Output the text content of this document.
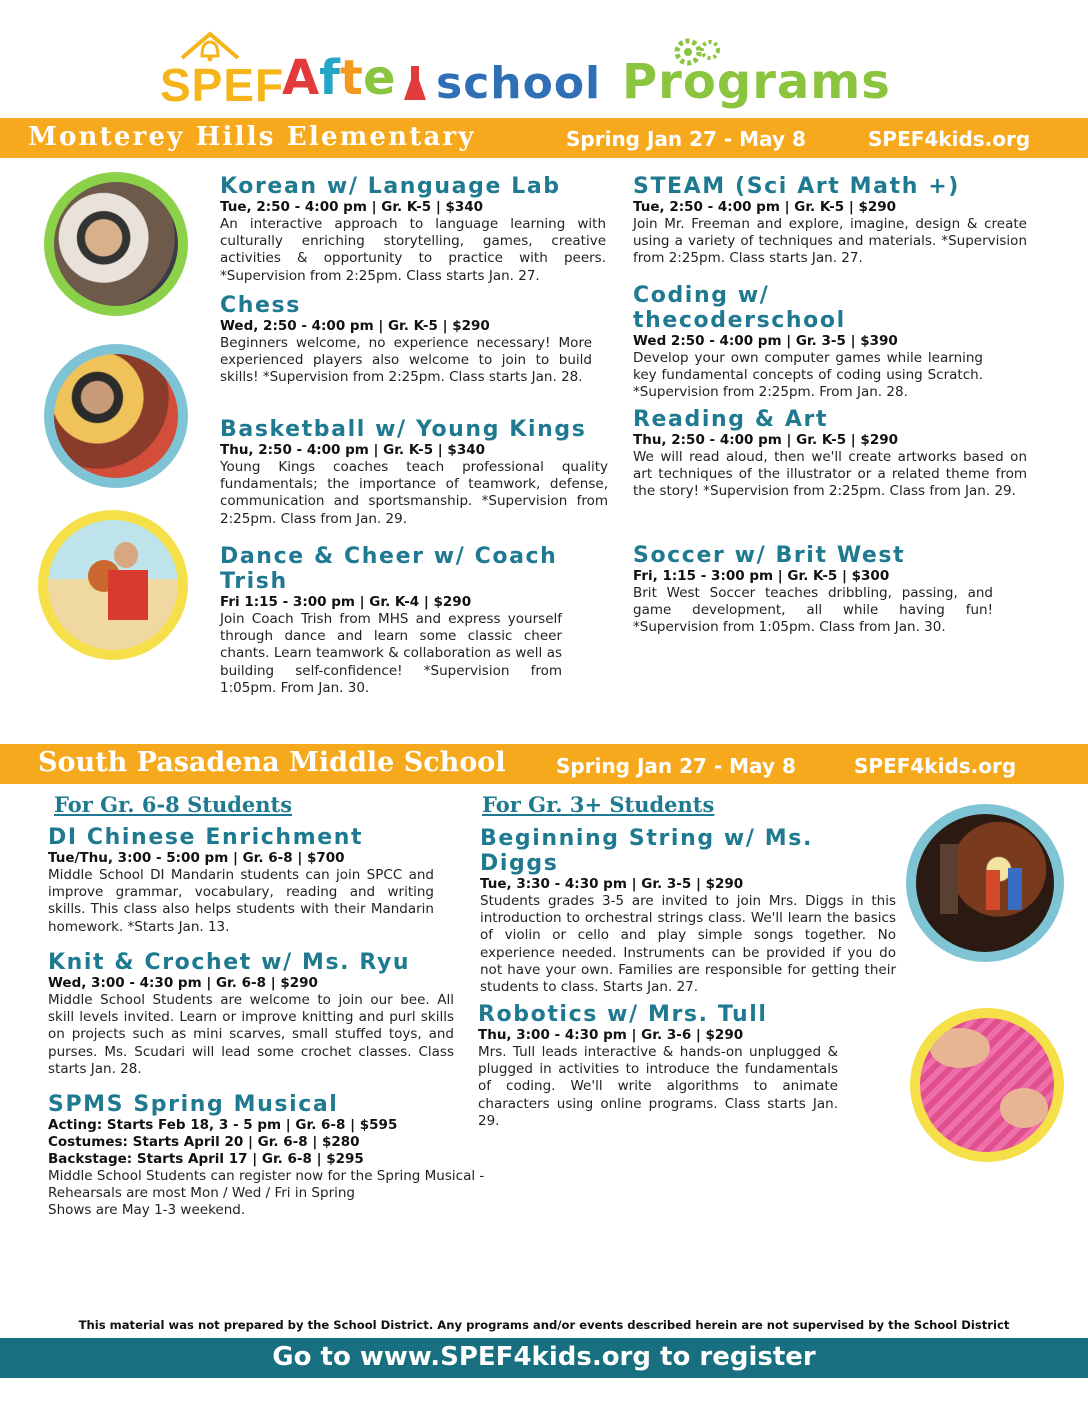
SPEF
Afte school Programs
Monterey Hills Elementary	Spring Jan 27 - May 8	SPEF4kids.org
Korean w/ Language Lab
Tue, 2:50 - 4:00 pm | Gr. K-5 | $340
An interactive approach to language learning with culturally enriching storytelling, games, creative activities & opportunity to practice with peers. *Supervision from 2:25pm. Class starts Jan. 27.
Chess
Wed, 2:50 - 4:00 pm | Gr. K-5 | $290
Beginners welcome, no experience necessary! More experienced players also welcome to join to build skills! *Supervision from 2:25pm. Class starts Jan. 28.
Basketball w/ Young Kings
Thu, 2:50 - 4:00 pm | Gr. K-5 | $340
Young Kings coaches teach professional quality fundamentals; the importance of teamwork, defense, communication and sportsmanship. *Supervision from 2:25pm. Class from Jan. 29.
Dance & Cheer w/ Coach Trish
Fri 1:15 - 3:00 pm | Gr. K-4 | $290
Join Coach Trish from MHS and express yourself through dance and learn some classic cheer chants. Learn teamwork & collaboration as well as building self-confidence! *Supervision from 1:05pm. From Jan. 30.
STEAM (Sci Art Math +)
Tue, 2:50 - 4:00 pm | Gr. K-5 | $290
Join Mr. Freeman and explore, imagine, design & create using a variety of techniques and materials. *Supervision from 2:25pm. Class starts Jan. 27.
Coding w/ thecoderschool
Wed 2:50 - 4:00 pm | Gr. 3-5 | $390
Develop your own computer games while learning key fundamental concepts of coding using Scratch. *Supervision from 2:25pm. From Jan. 28.
Reading & Art
Thu, 2:50 - 4:00 pm | Gr. K-5 | $290
We will read aloud, then we'll create artworks based on art techniques of the illustrator or a related theme from the story! *Supervision from 2:25pm. Class from Jan. 29.
Soccer w/ Brit West
Fri, 1:15 - 3:00 pm | Gr. K-5 | $300
Brit West Soccer teaches dribbling, passing, and game development, all while having fun! *Supervision from 1:05pm. Class from Jan. 30.
South Pasadena Middle School	Spring Jan 27 - May 8	SPEF4kids.org
For Gr. 6-8 Students	For Gr. 3+ Students
DI Chinese Enrichment
Tue/Thu, 3:00 - 5:00 pm | Gr. 6-8 | $700
Middle School DI Mandarin students can join SPCC and improve grammar, vocabulary, reading and writing skills. This class also helps students with their Mandarin homework. *Starts Jan. 13.
Knit & Crochet w/ Ms. Ryu
Wed, 3:00 - 4:30 pm | Gr. 6-8 | $290
Middle School Students are welcome to join our bee. All skill levels invited. Learn or improve knitting and purl skills on projects such as mini scarves, small stuffed toys, and purses. Ms. Scudari will lead some crochet classes. Class starts Jan. 28.
SPMS Spring Musical
Acting: Starts Feb 18, 3 - 5 pm | Gr. 6-8 | $595
Costumes: Starts April 20 | Gr. 6-8 | $280
Backstage: Starts April 17 | Gr. 6-8 | $295
Middle School Students can register now for the Spring Musical -
Rehearsals are most Mon / Wed / Fri in Spring
Shows are May 1-3 weekend.
Beginning String w/ Ms. Diggs
Tue, 3:30 - 4:30 pm | Gr. 3-5 | $290
Students grades 3-5 are invited to join Mrs. Diggs in this introduction to orchestral strings class. We'll learn the basics of violin or cello and play simple songs together. No experience needed. Instruments can be provided if you do not have your own. Families are responsible for getting their students to class. Starts Jan. 27.
Robotics w/ Mrs. Tull
Thu, 3:00 - 4:30 pm | Gr. 3-6 | $290
Mrs. Tull leads interactive & hands-on unplugged & plugged in activities to introduce the fundamentals of coding. We'll write algorithms to animate characters using online programs. Class starts Jan. 29.
This material was not prepared by the School District. Any programs and/or events described herein are not supervised by the School District
Go to www.SPEF4kids.org to register
